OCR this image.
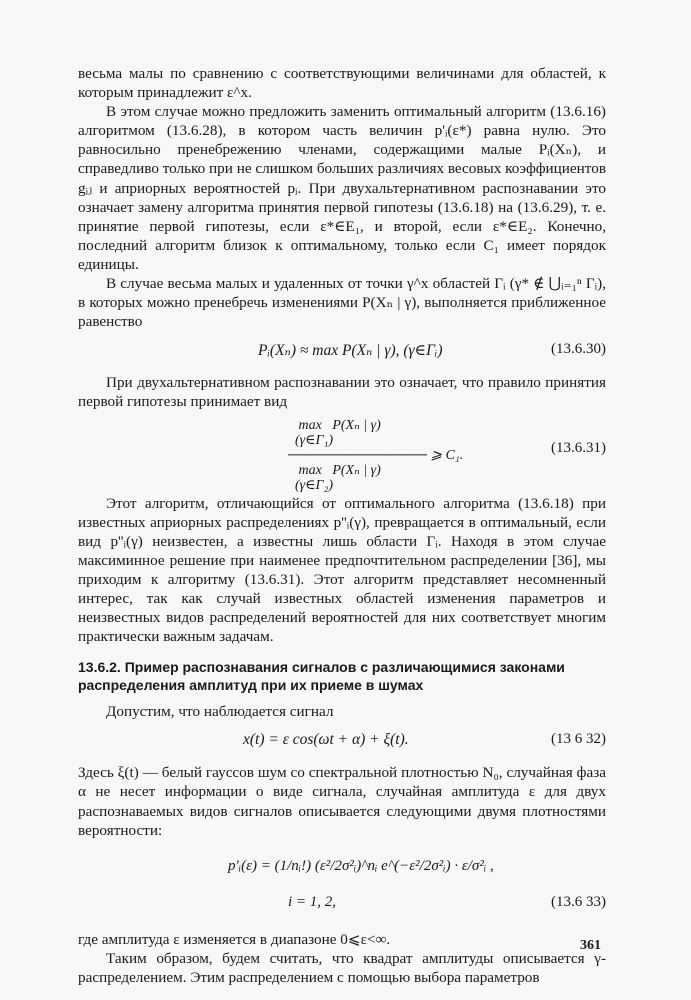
весьма малы по сравнению с соответствующими величинами для областей, к которым принадлежит ε^x.

В этом случае можно предложить заменить оптимальный алгоритм (13.6.16) алгоритмом (13.6.28), в котором часть величин p'ᵢ(ε*) равна нулю. Это равносильно пренебрежению членами, содержащими малые Pᵢ(Xₙ), и справедливо только при не слишком больших различиях весовых коэффициентов gᵢⱼ и априорных вероятностей pᵢ. При двухальтернативном распознавании это означает замену алгоритма принятия первой гипотезы (13.6.18) на (13.6.29), т. е. принятие первой гипотезы, если ε*∈E₁, и второй, если ε*∈E₂. Конечно, последний алгоритм близок к оптимальному, только если C₁ имеет порядок единицы.

В случае весьма малых и удаленных от точки γ^x областей Γᵢ (γ* ∉ ⋃ᵢ₌₁ⁿ Γᵢ), в которых можно пренебречь изменениями P(Xₙ | γ), выполняется приближенное равенство

Pᵢ(Xₙ) ≈ max P(Xₙ | γ), (γ∈Γᵢ)	(13.6.30)

При двухальтернативном распознавании это означает, что правило принятия первой гипотезы принимает вид

max   P(Xₙ | γ)
(γ∈Γ₁)
────────────── ⩾ C₁.
max   P(Xₙ | γ)
(γ∈Γ₂)
(13.6.31)

Этот алгоритм, отличающийся от оптимального алгоритма (13.6.18) при известных априорных распределениях p''ᵢ(γ), превращается в оптимальный, если вид p''ᵢ(γ) неизвестен, а известны лишь области Γᵢ. Находя в этом случае максиминное решение при наименее предпочтительном распределении [36], мы приходим к алгоритму (13.6.31). Этот алгоритм представляет несомненный интерес, так как случай известных областей изменения параметров и неизвестных видов распределений вероятностей для них соответствует многим практически важным задачам.

13.6.2. Пример распознавания сигналов с различающимися законами распределения амплитуд при их приеме в шумах

Допустим, что наблюдается сигнал

x(t) = ε cos(ωt + α) + ξ(t).	(13 6 32)

Здесь ξ(t) — белый гауссов шум со спектральной плотностью N₀, случайная фаза α не несет информации о виде сигнала, случайная амплитуда ε для двух распознаваемых видов сигналов описывается следующими двумя плотностями вероятности:

p'ᵢ(ε) = (1/nᵢ!) (ε²/2σ²ᵢ)^nᵢ e^(−ε²/2σ²ᵢ) · ε/σ²ᵢ ,
i = 1, 2,	(13.6 33)

где амплитуда ε изменяется в диапазоне 0⩽ε<∞.

Таким образом, будем считать, что квадрат амплитуды описывается γ-распределением. Этим распределением с помощью выбора параметров

361
